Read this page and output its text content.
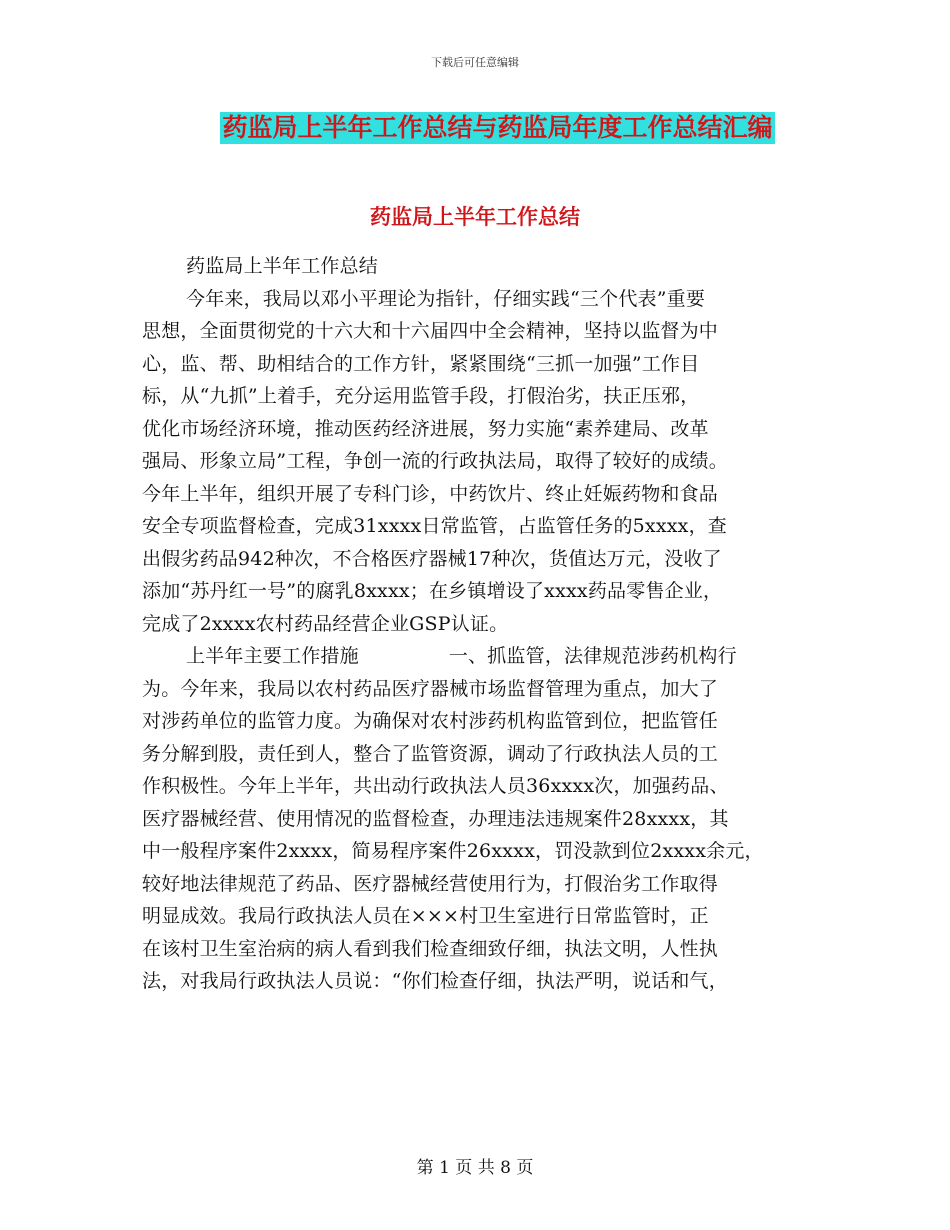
下载后可任意编辑
药监局上半年工作总结与药监局年度工作总结汇编
药监局上半年工作总结
药监局上半年工作总结
今年来，我局以邓小平理论为指针，仔细实践“三个代表”重要
思想，全面贯彻党的十六大和十六届四中全会精神，坚持以监督为中
心，监、帮、助相结合的工作方针，紧紧围绕“三抓一加强”工作目
标，从“九抓”上着手，充分运用监管手段，打假治劣，扶正压邪，
优化市场经济环境，推动医药经济进展，努力实施“素养建局、改革
强局、形象立局”工程，争创一流的行政执法局，取得了较好的成绩。
今年上半年，组织开展了专科门诊，中药饮片、终止妊娠药物和食品
安全专项监督检查，完成31xxxx日常监管，占监管任务的5xxxx，查
出假劣药品942种次，不合格医疗器械17种次，货值达万元，没收了
添加“苏丹红一号”的腐乳8xxxx；在乡镇增设了xxxx药品零售企业，
完成了2xxxx农村药品经营企业GSP认证。
上半年主要工作措施	一、抓监管，法律规范涉药机构行
为。今年来，我局以农村药品医疗器械市场监督管理为重点，加大了
对涉药单位的监管力度。为确保对农村涉药机构监管到位，把监管任
务分解到股，责任到人，整合了监管资源，调动了行政执法人员的工
作积极性。今年上半年，共出动行政执法人员36xxxx次，加强药品、
医疗器械经营、使用情况的监督检查，办理违法违规案件28xxxx，其
中一般程序案件2xxxx，简易程序案件26xxxx，罚没款到位2xxxx余元，
较好地法律规范了药品、医疗器械经营使用行为，打假治劣工作取得
明显成效。我局行政执法人员在×××村卫生室进行日常监管时，正
在该村卫生室治病的病人看到我们检查细致仔细，执法文明，人性执
法，对我局行政执法人员说：“你们检查仔细，执法严明，说话和气，
第 1 页 共 8 页
